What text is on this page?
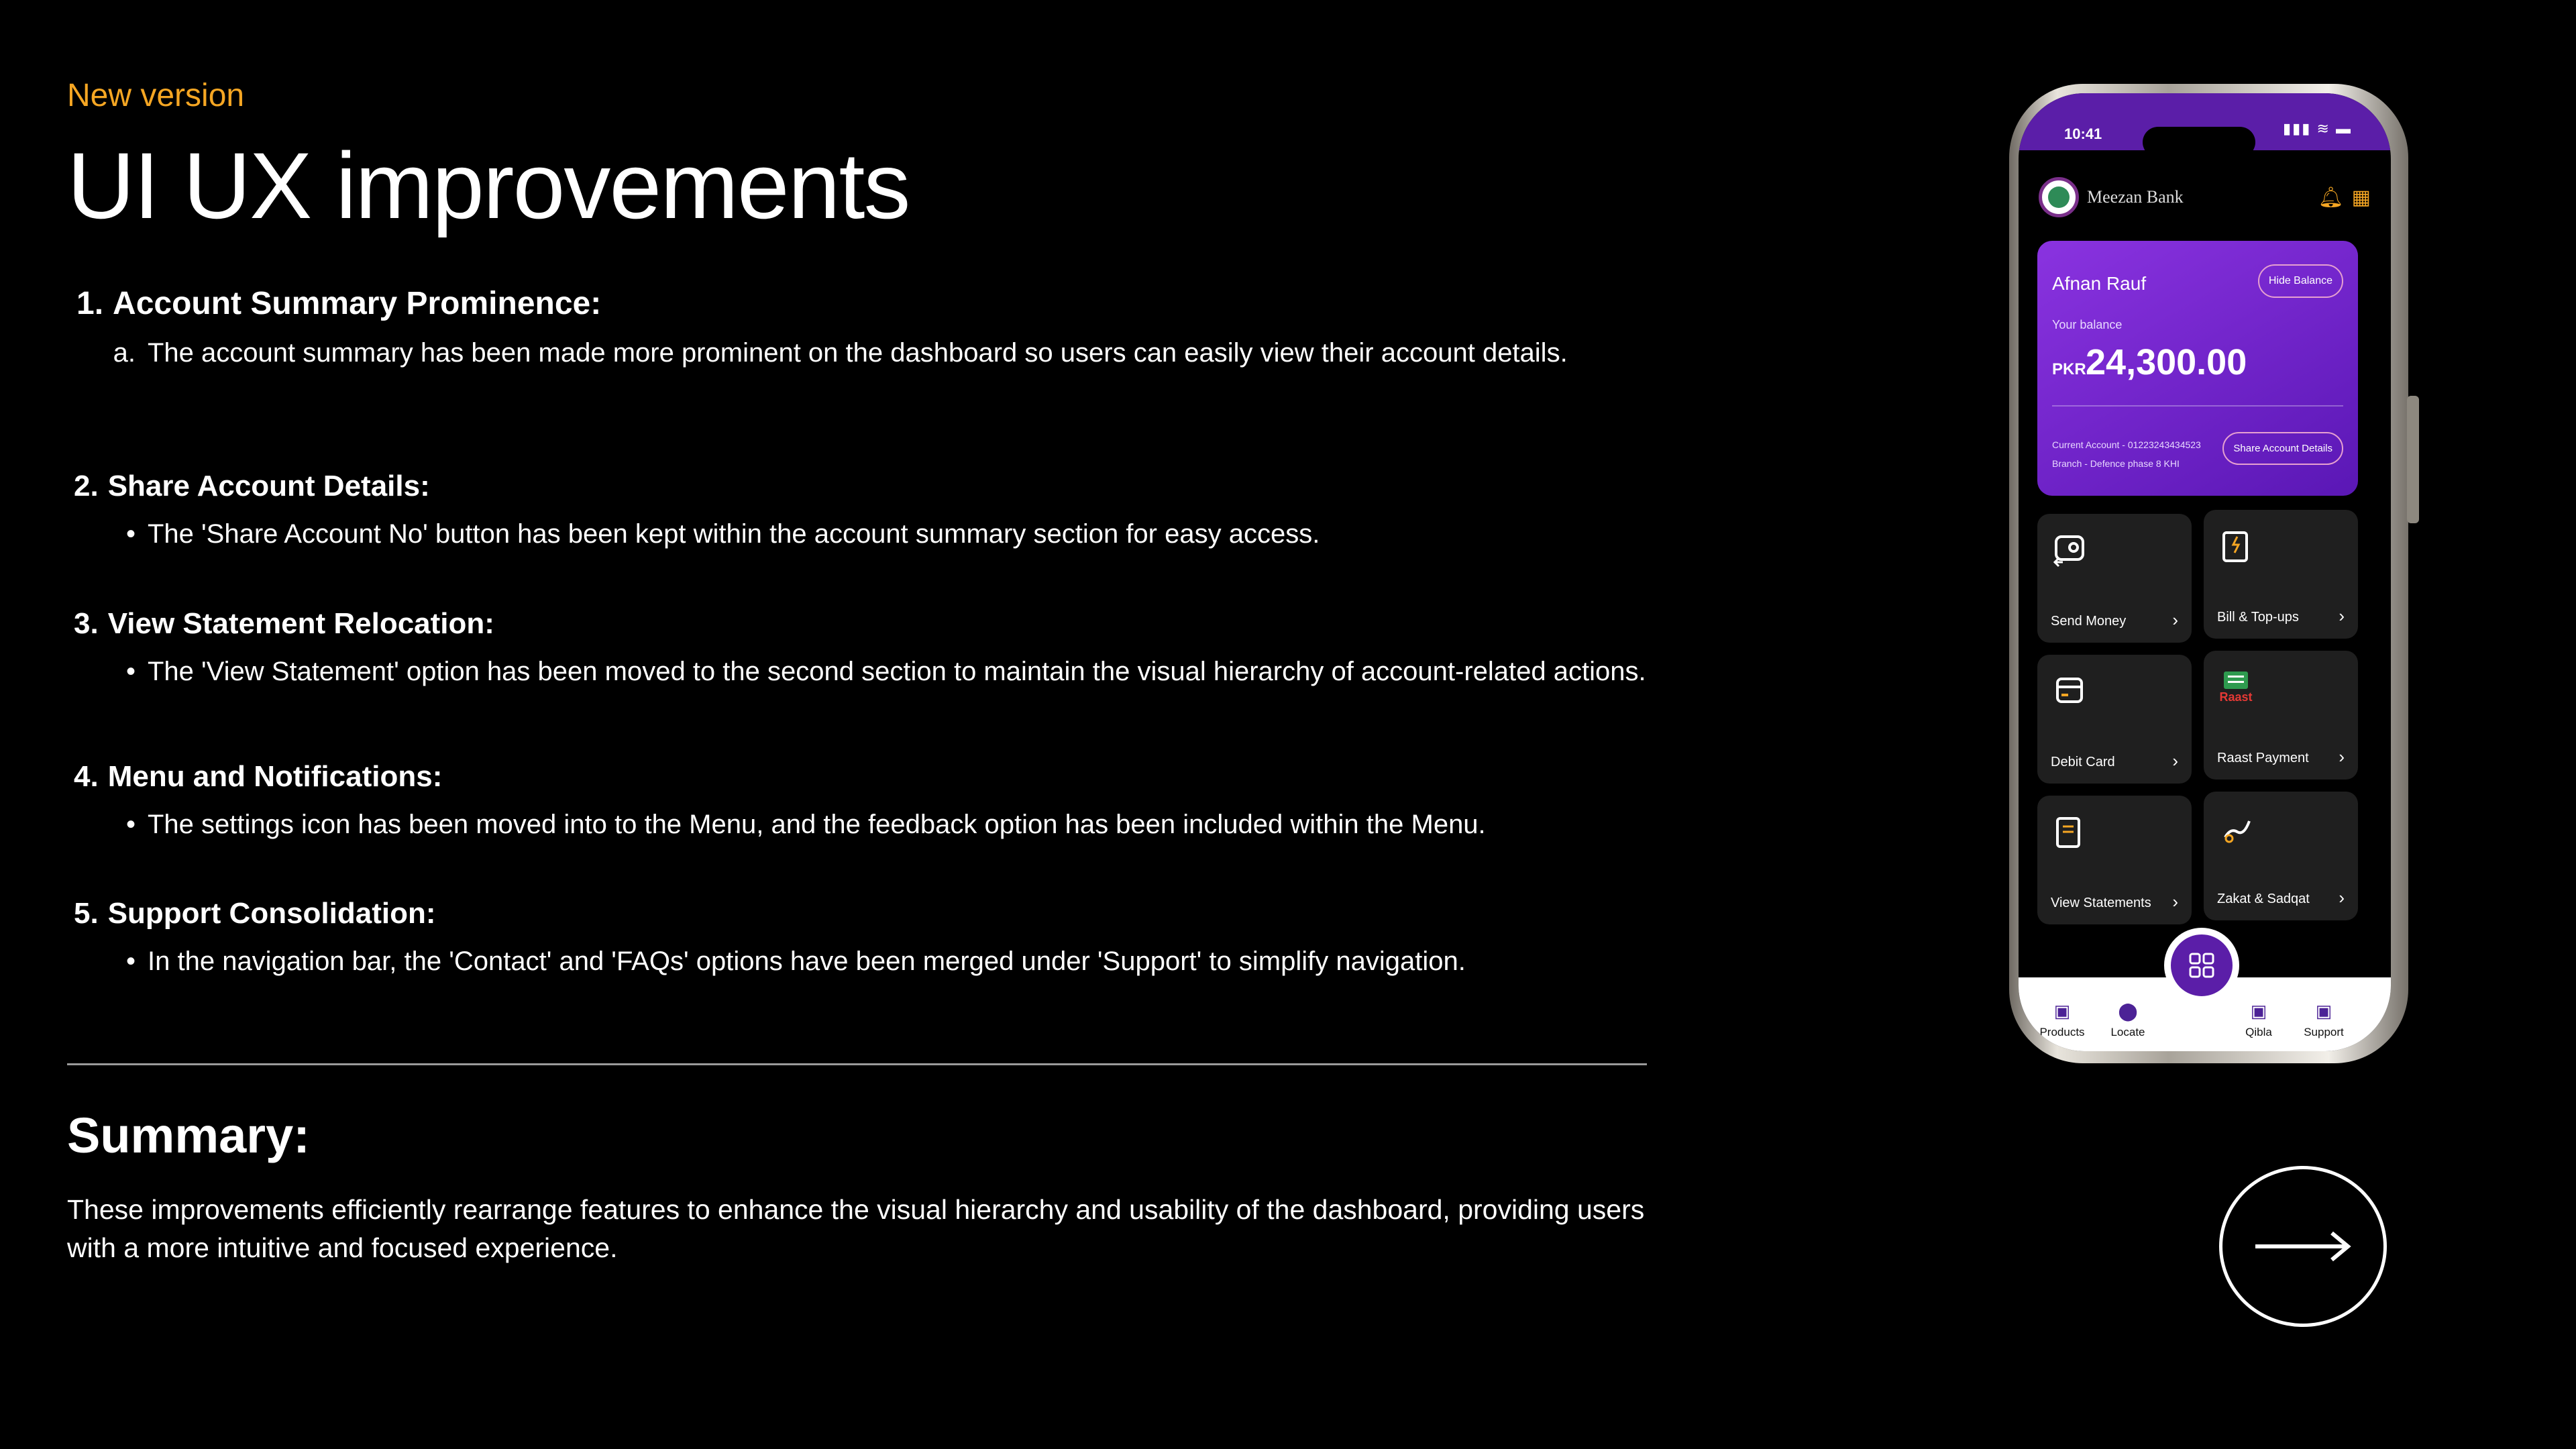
New version
UI UX improvements
1. Account Summary Prominence:
a. The account summary has been made more prominent on the dashboard so users can easily view their account details.
2. Share Account Details:
• The 'Share Account No' button has been kept within the account summary section for easy access.
3. View Statement Relocation:
• The 'View Statement' option has been moved to the second section to maintain the visual hierarchy of account-related actions.
4. Menu and Notifications:
• The settings icon has been moved into to the Menu, and the feedback option has been included within the Menu.
5. Support Consolidation:
• In the navigation bar, the 'Contact' and 'FAQs' options have been merged under 'Support' to simplify navigation.
Summary:
These improvements efficiently rearrange features to enhance the visual hierarchy and usability of the dashboard, providing users with a more intuitive and focused experience.
10:41	▮▮▮ ≋ ▬
Meezan Bank	🔔︎ ▦
Afnan Rauf	Hide Balance
Your balance
PKR 24,300.00
Current Account - 01223243434523
Branch - Defence phase 8 KHI
Share Account Details
Send Money	›	Bill & Top-ups ›
Debit Card	›
Raast
Raast Payment ›
View Statements ›	Zakat & Sadqat ›
▣
Products
⬤
Locate
▣
Qibla
▣
Support
